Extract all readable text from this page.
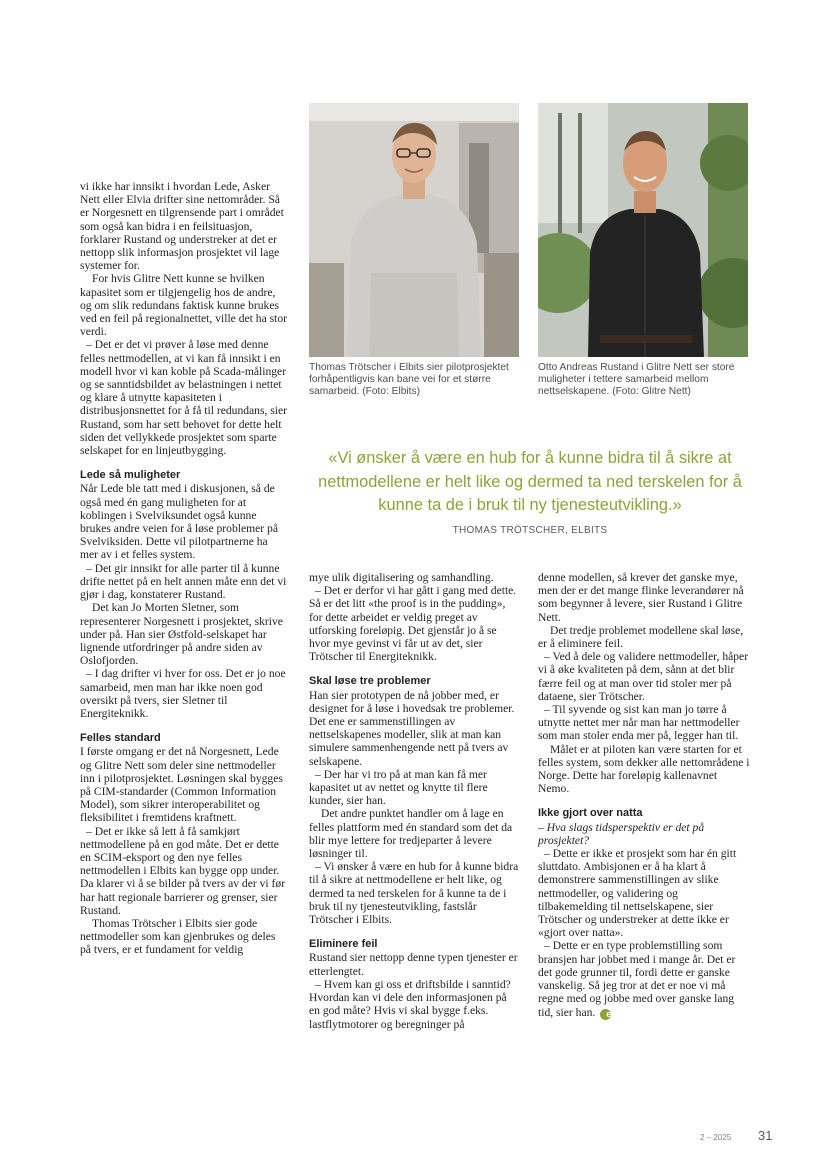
Thomas Trötscher i Elbits sier pilotprosjektet forhåpentligvis kan bane vei for et større samarbeid. (Foto: Elbits)
Otto Andreas Rustand i Glitre Nett ser store muligheter i tettere samarbeid mellom nettselskapene. (Foto: Glitre Nett)
«Vi ønsker å være en hub for å kunne bidra til å sikre at nettmodellene er helt like og dermed ta ned terskelen for å kunne ta de i bruk til ny tjenesteutvikling.»
THOMAS TRÖTSCHER, ELBITS

vi ikke har innsikt i hvordan Lede, Asker Nett eller Elvia drifter sine nettområder. Så er Norgesnett en tilgrensende part i området som også kan bidra i en feilsituasjon, forklarer Rustand og understreker at det er nettopp slik informasjon prosjektet vil lage systemer for.

For hvis Glitre Nett kunne se hvilken kapasitet som er tilgjengelig hos de andre, og om slik redundans faktisk kunne brukes ved en feil på regionalnettet, ville det ha stor verdi.

– Det er det vi prøver å løse med denne felles nettmodellen, at vi kan få innsikt i en modell hvor vi kan koble på Scada-målinger og se sanntidsbildet av belastningen i nettet og klare å utnytte kapasiteten i distribusjonsnettet for å få til redundans, sier Rustand, som har sett behovet for dette helt siden det vellykkede prosjektet som sparte selskapet for en linjeutbygging.

Lede så muligheter

Når Lede ble tatt med i diskusjonen, så de også med én gang muligheten for at koblingen i Svelviksundet også kunne brukes andre veien for å løse problemer på Svelviksiden. Dette vil pilotpartnerne ha mer av i et felles system.

– Det gir innsikt for alle parter til å kunne drifte nettet på en helt annen måte enn det vi gjør i dag, konstaterer Rustand.

Det kan Jo Morten Sletner, som representerer Norgesnett i prosjektet, skrive under på. Han sier Østfold-selskapet har lignende utfordringer på andre siden av Oslofjorden.

– I dag drifter vi hver for oss. Det er jo noe samarbeid, men man har ikke noen god oversikt på tvers, sier Sletner til Energiteknikk.

Felles standard

I første omgang er det nå Norgesnett, Lede og Glitre Nett som deler sine nettmodeller inn i pilotprosjektet. Løsningen skal bygges på CIM-standarder (Common Information Model), som sikrer interoperabilitet og fleksibilitet i fremtidens kraftnett.

– Det er ikke så lett å få samkjørt nettmodellene på en god måte. Det er dette en SCIM-eksport og den nye felles nettmodellen i Elbits kan bygge opp under. Da klarer vi å se bilder på tvers av der vi før har hatt regionale barrierer og grenser, sier Rustand.

Thomas Trötscher i Elbits sier gode nettmodeller som kan gjenbrukes og deles på tvers, er et fundament for veldig

mye ulik digitalisering og samhandling.

– Det er derfor vi har gått i gang med dette. Så er det litt «the proof is in the pudding», for dette arbeidet er veldig preget av utforsking foreløpig. Det gjenstår jo å se hvor mye gevinst vi får ut av det, sier Trötscher til Energiteknikk.

Skal løse tre problemer

Han sier prototypen de nå jobber med, er designet for å løse i hovedsak tre problemer. Det ene er sammenstillingen av nettselskapenes modeller, slik at man kan simulere sammenhengende nett på tvers av selskapene.

– Der har vi tro på at man kan få mer kapasitet ut av nettet og knytte til flere kunder, sier han.

Det andre punktet handler om å lage en felles plattform med én standard som det da blir mye lettere for tredjeparter å levere løsninger til.

– Vi ønsker å være en hub for å kunne bidra til å sikre at nettmodellene er helt like, og dermed ta ned terskelen for å kunne ta de i bruk til ny tjenesteutvikling, fastslår Trötscher i Elbits.

Eliminere feil

Rustand sier nettopp denne typen tjenester er etterlengtet.

– Hvem kan gi oss et driftsbilde i sanntid? Hvordan kan vi dele den informasjonen på en god måte? Hvis vi skal bygge f.eks. lastflytmotorer og beregninger på

denne modellen, så krever det ganske mye, men der er det mange flinke leverandører nå som begynner å levere, sier Rustand i Glitre Nett.

Det tredje problemet modellene skal løse, er å eliminere feil.

– Ved å dele og validere nettmodeller, håper vi å øke kvaliteten på dem, sånn at det blir færre feil og at man over tid stoler mer på dataene, sier Trötscher.

– Til syvende og sist kan man jo tørre å utnytte nettet mer når man har nettmodeller som man stoler enda mer på, legger han til.

Målet er at piloten kan være starten for et felles system, som dekker alle nettområdene i Norge. Dette har foreløpig kallenavnet Nemo.

Ikke gjort over natta

– Hva slags tidsperspektiv er det på prosjektet?

– Dette er ikke et prosjekt som har én gitt sluttdato. Ambisjonen er å ha klart å demonstrere sammenstillingen av slike nettmodeller, og validering og tilbakemelding til nettselskapene, sier Trötscher og understreker at dette ikke er «gjort over natta».

– Dette er en type problemstilling som bransjen har jobbet med i mange år. Det er det gode grunner til, fordi dette er ganske vanskelig. Så jeg tror at det er noe vi må regne med og jobbe med over ganske lang tid, sier han. e

2 – 2025 31
